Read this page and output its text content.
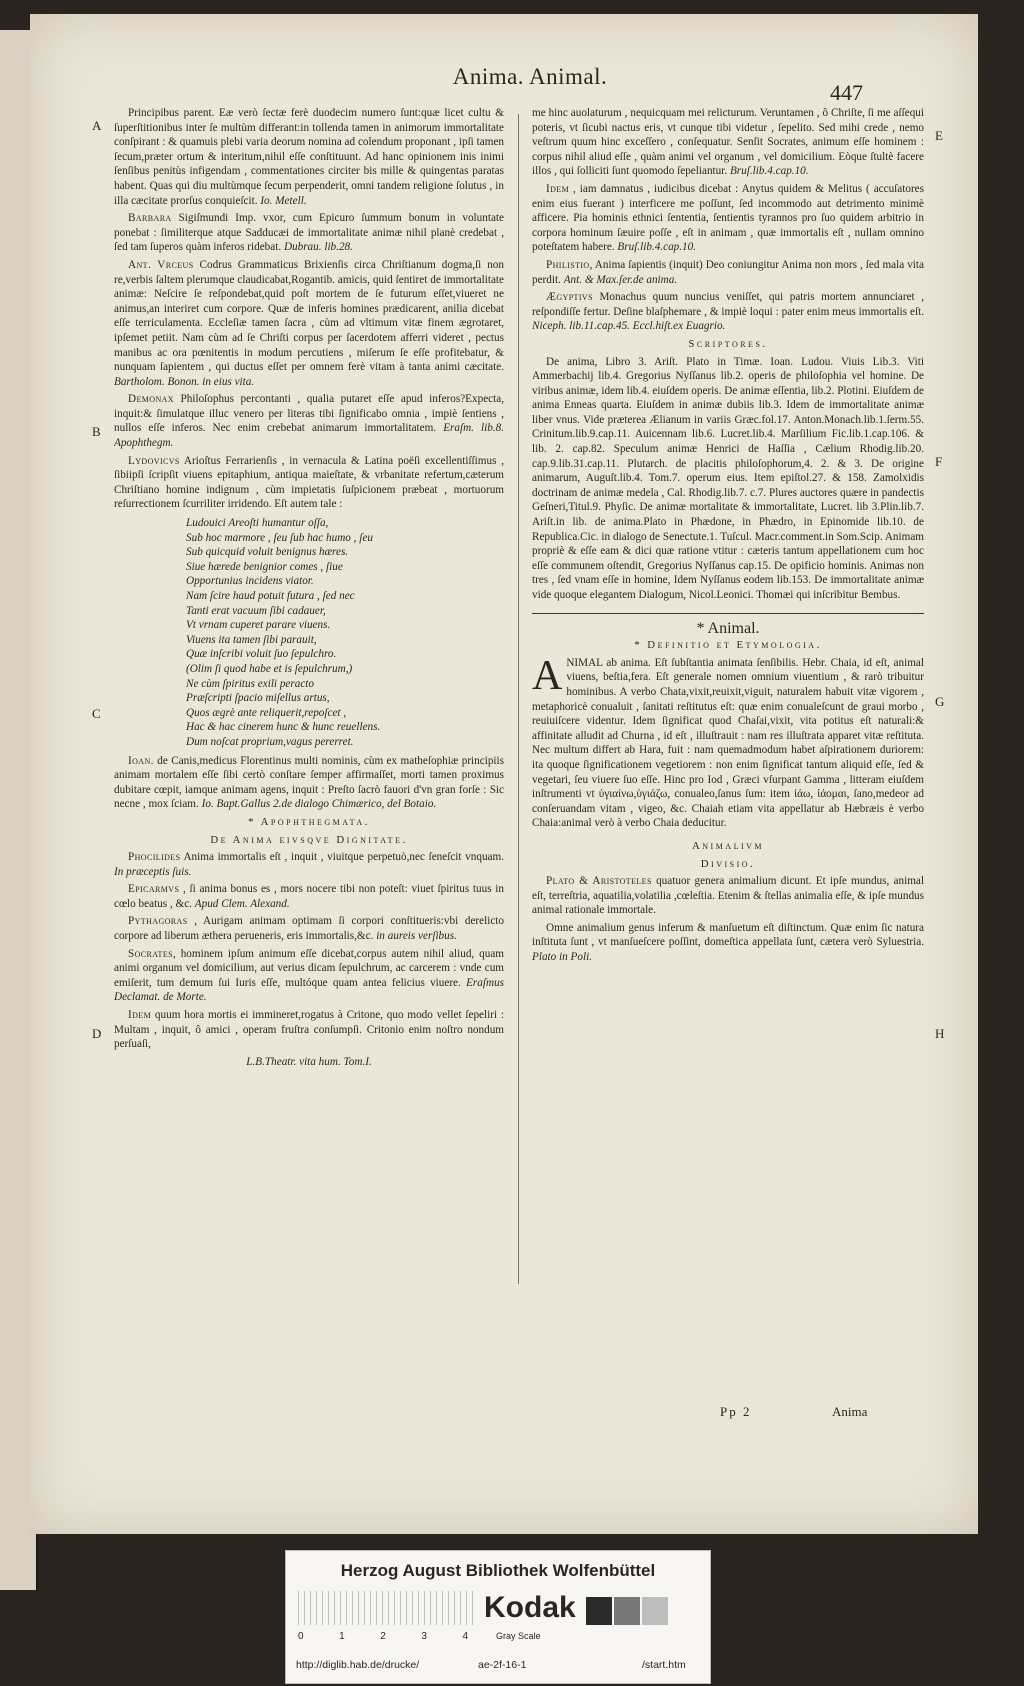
Anima. Animal.
447
A
B
C
D
E
F
G
H

Principibus parent. Eæ verò ſectæ ferè duodecim numero ſunt:quæ licet cultu & ſuperſtitionibus inter ſe multùm differant:in tollenda tamen in animorum immortalitate conſpirant : & quamuis plebi varia deorum nomina ad colendum proponant , ipſi tamen ſecum,præter ortum & interitum,nihil eſſe conſtituunt. Ad hanc opinionem inis inimi ſenſibus penitùs infigendam , commentationes circiter bis mille & quingentas paratas habent. Quas qui diu multùmque ſecum perpenderit, omni tandem religione ſolutus , in illa cæcitate prorſus conquieſcit. Io. Metell.

Barbara Sigiſmundi Imp. vxor, cum Epicuro ſummum bonum in voluntate ponebat : ſimiliterque atque Sadducæi de immortalitate animæ nihil planè credebat , ſed tam ſuperos quàm inferos ridebat. Dubrau. lib.28.

Ant. Vrceus Codrus Grammaticus Brixienſis circa Chriſtianum dogma,ſi non re,verbis ſaltem plerumque claudicabat,Rogantib. amicis, quid ſentiret de immortalitate animæ: Neſcire ſe reſpondebat,quid poſt mortem de ſe futurum eſſet,viueret ne animus,an interiret cum corpore. Quæ de inferis homines prædicarent, anilia dicebat eſſe terriculamenta. Eccleſiæ tamen ſacra , cùm ad vltimum vitæ finem ægrotaret, ipſemet petiit. Nam cùm ad ſe Chriſti corpus per ſacerdotem afferri videret , pectus manibus ac ora pœnitentis in modum percutiens , miſerum ſe eſſe profitebatur, & nunquam ſapientem , qui ductus eſſet per omnem ferè vitam à tanta animi cæcitate. Bartholom. Bonon. in eius vita.

Demonax Philoſophus percontanti , qualia putaret eſſe apud inferos?Expecta, inquit:& ſimulatque illuc venero per literas tibi ſignificabo omnia , impiè ſentiens , nullos eſſe inferos. Nec enim crebebat animarum immortalitatem. Eraſm. lib.8. Apophthegm.

Lydovicvs Arioſtus Ferrarienſis , in vernacula & Latina poëſi excellentiſſimus , ſibiipſi ſcripſit viuens epitaphium, antiqua maieſtate, & vrbanitate refertum,cæterum Chriſtiano homine indignum , cùm impietatis ſuſpicionem præbeat , mortuorum reſurrectionem ſcurriliter irridendo. Eſt autem tale :

Ludouici Areoſti humantur oſſa,
Sub hoc marmore , ſeu ſub hac humo , ſeu
Sub quicquid voluit benignus hæres.
Siue hærede benignior comes , ſiue
Opportunius incidens viator.
Nam ſcire haud potuit futura , ſed nec
Tanti erat vacuum ſibi cadauer,
Vt vrnam cuperet parare viuens.
Viuens ita tamen ſibi parauit,
Quæ inſcribi voluit ſuo ſepulchro.
(Olim ſi quod habe et is ſepulchrum,)
Ne cùm ſpiritus exili peracto
Præſcripti ſpacio miſellus artus,
Quos ægrè ante reliquerit,repoſcet ,
Hac & hac cinerem hunc & hunc reuellens.
Dum noſcat proprium,vagus pererret.

Ioan. de Canis,medicus Florentinus multi nominis, cùm ex matheſophiæ principiis animam mortalem eſſe ſibi certò conſtare ſemper affirmaſſet, morti tamen proximus dubitare cœpit, iamque animam agens, inquit : Preſto ſacrò fauori d'vn gran forſe : Sic necne , mox ſciam. Io. Bapt.Gallus 2.de dialogo Chimærico, del Botaio.

* Apophthegmata.

De Anima eivsqve Dignitate.

Phocilides Anima immortalis eſt , inquit , viuitque perpetuò,nec ſeneſcit vnquam. In præceptis ſuis.

Epicarmvs , ſi anima bonus es , mors nocere tibi non poteſt: viuet ſpiritus tuus in cœlo beatus , &c. Apud Clem. Alexand.

Pythagoras , Aurigam animam optimam ſi corpori conſtitueris:vbi derelicto corpore ad liberum æthera perueneris, eris immortalis,&c. in aureis verſibus.

Socrates, hominem ipſum animum eſſe dicebat,corpus autem nihil aliud, quam animi organum vel domicilium, aut verius dicam ſepulchrum, ac carcerem : vnde cum emiſerit, tum demum ſui Iuris eſſe, multóque quam antea felicius viuere. Eraſmus Declamat. de Morte.

Idem quum hora mortis ei immineret,rogatus à Critone, quo modo vellet ſepeliri : Multam , inquit, ô amici , operam fruſtra conſumpſi. Critonio enim noſtro nondum perſuaſi,

L.B.Theatr. vita hum. Tom.I.

me hinc auolaturum , nequicquam mei relicturum. Veruntamen , ô Chriſte, ſi me aſſequi poteris, vt ſicubi nactus eris, vt cunque tibi videtur , ſepelito. Sed mihi crede , nemo veſtrum quum hinc exceſſero , conſequatur. Senſit Socrates, animum eſſe hominem : corpus nihil aliud eſſe , quàm animi vel organum , vel domicilium. Eòque ſtultè facere illos , qui ſolliciti ſunt quomodo ſepeliantur. Bruſ.lib.4.cap.10.

Idem , iam damnatus , iudicibus dicebat : Anytus quidem & Melitus ( accuſatores enim eius fuerant ) interficere me poſſunt, ſed incommodo aut detrimento minimè afficere. Pia hominis ethnici ſententia, ſentientis tyrannos pro ſuo quidem arbitrio in corpora hominum ſæuire poſſe , eſt in animam , quæ immortalis eſt , nullam omnino poteſtatem habere. Bruſ.lib.4.cap.10.

Philistio, Anima ſapientis (inquit) Deo coniungitur Anima non mors , ſed mala vita perdit. Ant. & Max.ſer.de anima.

Ægyptivs Monachus quum nuncius veniſſet, qui patris mortem annunciaret , reſpondiſſe fertur. Deſine blaſphemare , & impiè loqui : pater enim meus immortalis eſt. Niceph. lib.11.cap.45. Eccl.hiſt.ex Euagrio.

Scriptores.

De anima, Libro 3. Ariſt. Plato in Timæ. Ioan. Ludou. Viuis Lib.3. Viti Ammerbachij lib.4. Gregorius Nyſſanus lib.2. operis de philoſophia vel homine. De viribus animæ, idem lib.4. eiuſdem operis. De animæ eſſentia, lib.2. Plotini. Eiuſdem de anima Enneas quarta. Eiuſdem in animæ dubiis lib.3. Idem de immortalitate animæ liber vnus. Vide præterea Ælianum in variis Græc.fol.17. Anton.Monach.lib.1.ſerm.55. Crinitum.lib.9.cap.11. Auicennam lib.6. Lucret.lib.4. Marſilium Fic.lib.1.cap.106. & lib. 2. cap.82. Speculum animæ Henrici de Haſſia , Cælium Rhodig.lib.20. cap.9.lib.31.cap.11. Plutarch. de placitis philoſophorum,4. 2. & 3. De origine animarum, Auguſt.lib.4. Tom.7. operum eius. Item epiſtol.27. & 158. Zamolxidis doctrinam de animæ medela , Cal. Rhodig.lib.7. c.7. Plures auctores quære in pandectis Geſneri,Titul.9. Phyſic. De animæ mortalitate & immortalitate, Lucret. lib 3.Plin.lib.7. Ariſt.in lib. de anima.Plato in Phædone, in Phædro, in Epinomide lib.10. de Republica.Cic. in dialogo de Senectute.1. Tuſcul. Macr.comment.in Som.Scip. Animam propriè & eſſe eam & dici quæ ratione vtitur : cæteris tantum appellationem cum hoc eſſe communem oſtendit, Gregorius Nyſſanus cap.15. De opificio hominis. Animas non tres , ſed vnam eſſe in homine, Idem Nyſſanus eodem lib.153. De immortalitate animæ vide quoque elegantem Dialogum, Nicol.Leonici. Thomæi qui inſcribitur Bembus.

* Animal.

* Definitio et Etymologia.

ANIMAL ab anima. Eſt ſubſtantia animata ſenſibilis. Hebr. Chaia, id eſt, animal viuens, beſtia,fera. Eſt generale nomen omnium viuentium , & rarò tribuitur hominibus. A verbo Chata,vixit,reuixit,viguit, naturalem habuit vitæ vigorem , metaphoricè conualuit , ſanitati reſtitutus eſt: quæ enim conualeſcunt de graui morbo , reuiuiſcere videntur. Idem ſignificat quod Chaſai,vixit, vita potitus eſt naturali:& affinitate alludit ad Churna , id eſt , illuſtrauit : nam res illuſtrata apparet vitæ reſtituta. Nec multum differt ab Hara, fuit : nam quemadmodum habet aſpirationem duriorem: ita quoque ſignificationem vegetiorem : non enim ſignificat tantum aliquid eſſe, ſed & vegetari, ſeu viuere ſuo eſſe. Hinc pro Iod , Græci vſurpant Gamma , litteram eiuſdem inſtrumenti vt ὑγιαίνω,ὑγιάζω, conualeo,ſanus ſum: item ἰάω, ἰάομαι, ſano,medeor ad conſeruandam vitam , vigeo, &c. Chaiah etiam vita appellatur ab Hæbræis è verbo Chaia:animal verò à verbo Chaia deducitur.

Animalivm

Divisio.

Plato & Aristoteles quatuor genera animalium dicunt. Et ipſe mundus, animal eſt, terreſtria, aquatilia,volatilia ,cœleſtia. Etenim & ſtellas animalia eſſe, & ipſe mundus animal rationale immortale.

Omne animalium genus inferum & manſuetum eſt diſtinctum. Quæ enim ſic natura inſtituta ſunt , vt manſueſcere poſſint, domeſtica appellata ſunt, cætera verò Syluestria. Plato in Poli.

Pp 2	Anima
Herzog August Bibliothek Wolfenbüttel
0	1	2	3	4
Kodak
Gray Scale
http://diglib.hab.de/drucke/	ae-2f-16-1	/start.htm
